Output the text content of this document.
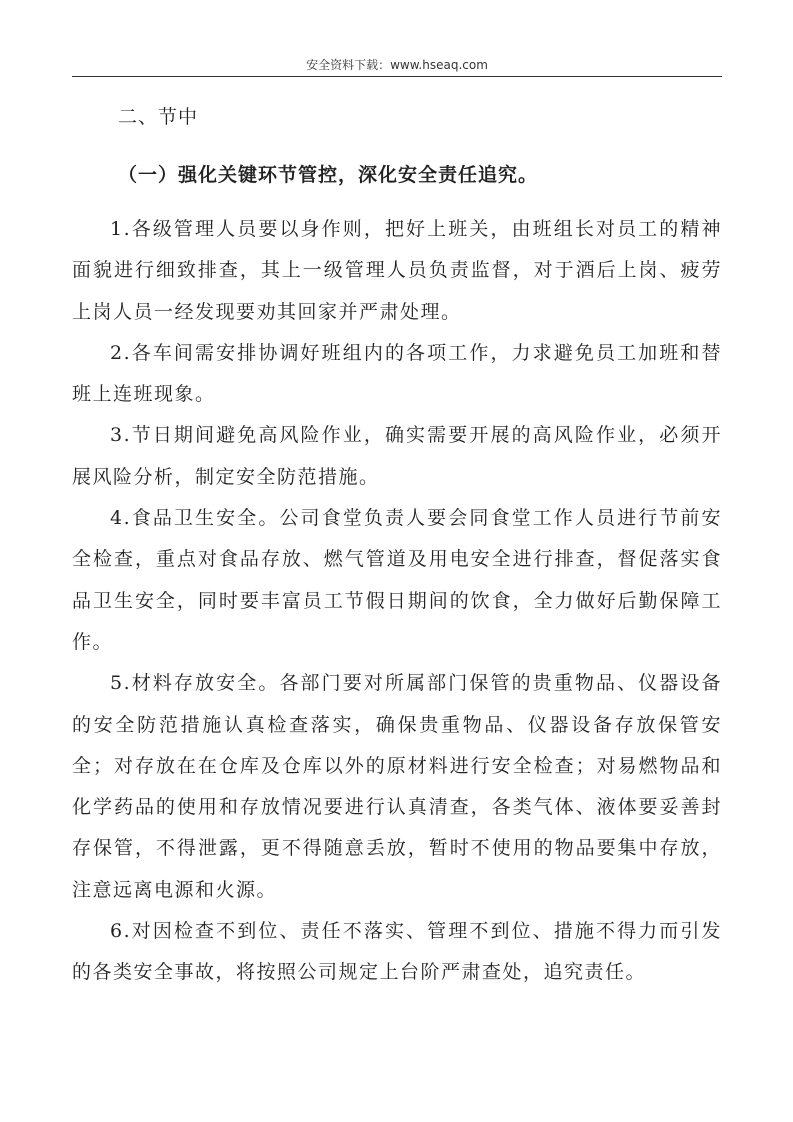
安全资料下载：www.hseaq.com
二、节中
（一）强化关键环节管控，深化安全责任追究。

1.各级管理人员要以身作则，把好上班关，由班组长对员工的精神面貌进行细致排查，其上一级管理人员负责监督，对于酒后上岗、疲劳上岗人员一经发现要劝其回家并严肃处理。

2.各车间需安排协调好班组内的各项工作，力求避免员工加班和替班上连班现象。

3.节日期间避免高风险作业，确实需要开展的高风险作业，必须开展风险分析，制定安全防范措施。

4.食品卫生安全。公司食堂负责人要会同食堂工作人员进行节前安全检查，重点对食品存放、燃气管道及用电安全进行排查，督促落实食品卫生安全，同时要丰富员工节假日期间的饮食，全力做好后勤保障工作。

5.材料存放安全。各部门要对所属部门保管的贵重物品、仪器设备的安全防范措施认真检查落实，确保贵重物品、仪器设备存放保管安全；对存放在在仓库及仓库以外的原材料进行安全检查；对易燃物品和化学药品的使用和存放情况要进行认真清查，各类气体、液体要妥善封存保管，不得泄露，更不得随意丢放，暂时不使用的物品要集中存放，注意远离电源和火源。

6.对因检查不到位、责任不落实、管理不到位、措施不得力而引发的各类安全事故，将按照公司规定上台阶严肃查处，追究责任。
